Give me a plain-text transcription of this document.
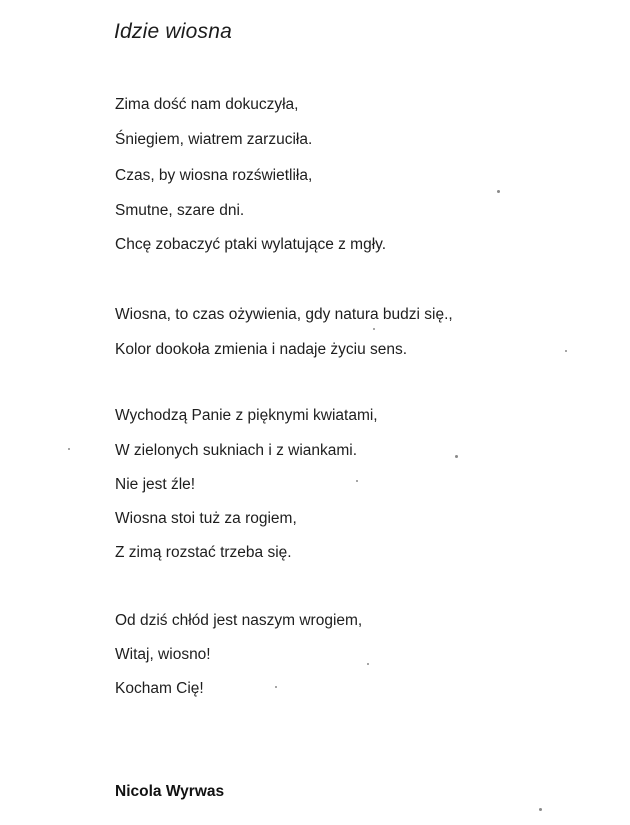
Idzie wiosna
Zima dość nam dokuczyła,
Śniegiem, wiatrem zarzuciła.
Czas, by wiosna rozświetliła,
Smutne, szare dni.
Chcę zobaczyć ptaki wylatujące z mgły.
Wiosna, to czas ożywienia, gdy natura budzi się.,
Kolor dookoła zmienia i nadaje życiu sens.
Wychodzą Panie z pięknymi kwiatami,
W zielonych sukniach i z wiankami.
Nie jest źle!
Wiosna stoi tuż za rogiem,
Z zimą rozstać trzeba się.
Od dziś chłód jest naszym wrogiem,
Witaj, wiosno!
Kocham Cię!
Nicola Wyrwas
